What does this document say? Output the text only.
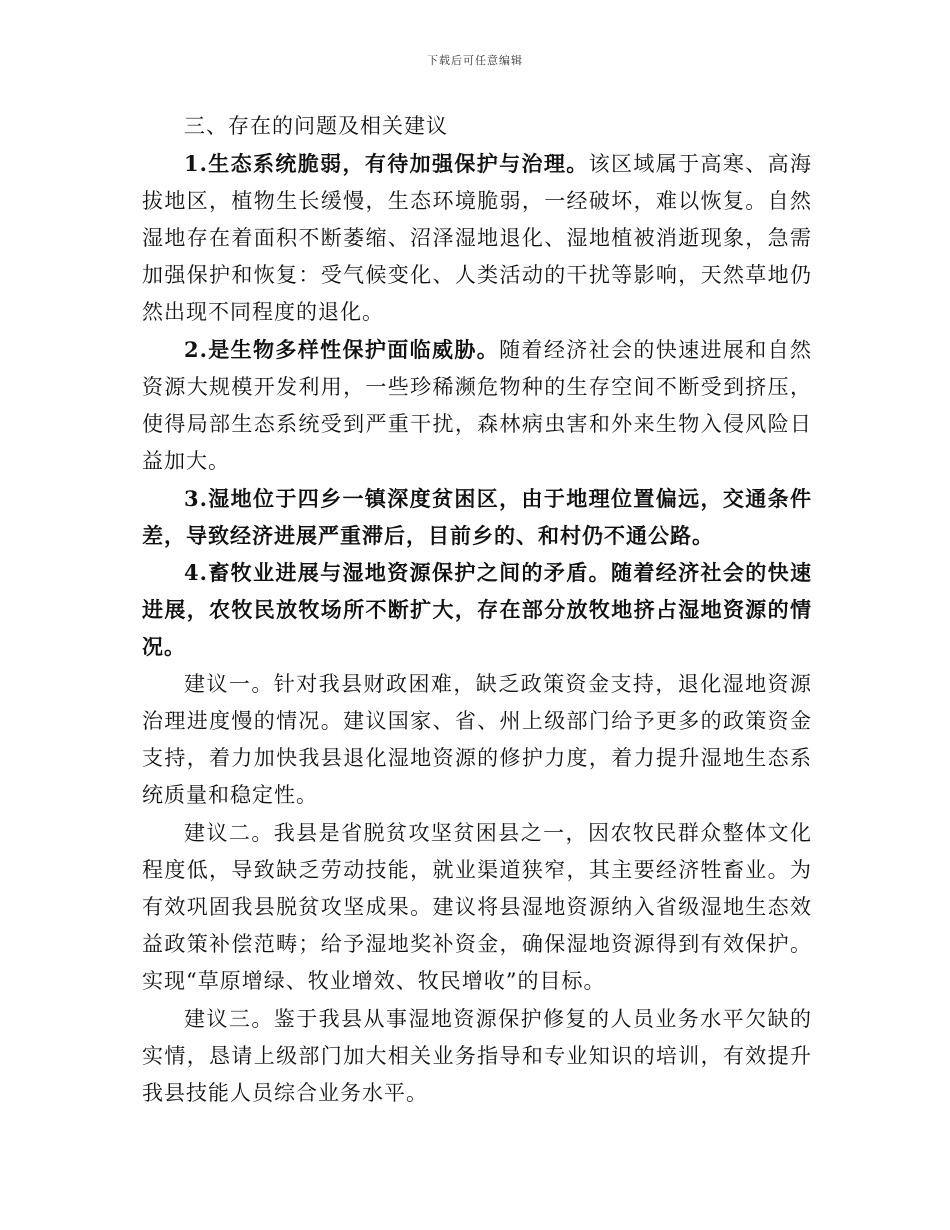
下载后可任意编辑

三、存在的问题及相关建议

1.生态系统脆弱，有待加强保护与治理。该区域属于高寒、高海拔地区，植物生长缓慢，生态环境脆弱，一经破坏，难以恢复。自然湿地存在着面积不断萎缩、沼泽湿地退化、湿地植被消逝现象，急需加强保护和恢复：受气候变化、人类活动的干扰等影响，天然草地仍然出现不同程度的退化。

2.是生物多样性保护面临威胁。随着经济社会的快速进展和自然资源大规模开发利用，一些珍稀濒危物种的生存空间不断受到挤压，使得局部生态系统受到严重干扰，森林病虫害和外来生物入侵风险日益加大。

3.湿地位于四乡一镇深度贫困区，由于地理位置偏远，交通条件差，导致经济进展严重滞后，目前乡的、和村仍不通公路。

4.畜牧业进展与湿地资源保护之间的矛盾。随着经济社会的快速进展，农牧民放牧场所不断扩大，存在部分放牧地挤占湿地资源的情况。

建议一。针对我县财政困难，缺乏政策资金支持，退化湿地资源治理进度慢的情况。建议国家、省、州上级部门给予更多的政策资金支持，着力加快我县退化湿地资源的修护力度，着力提升湿地生态系统质量和稳定性。

建议二。我县是省脱贫攻坚贫困县之一，因农牧民群众整体文化程度低，导致缺乏劳动技能，就业渠道狭窄，其主要经济牲畜业。为有效巩固我县脱贫攻坚成果。建议将县湿地资源纳入省级湿地生态效益政策补偿范畴；给予湿地奖补资金，确保湿地资源得到有效保护。实现“草原增绿、牧业增效、牧民增收”的目标。

建议三。鉴于我县从事湿地资源保护修复的人员业务水平欠缺的实情，恳请上级部门加大相关业务指导和专业知识的培训，有效提升我县技能人员综合业务水平。
